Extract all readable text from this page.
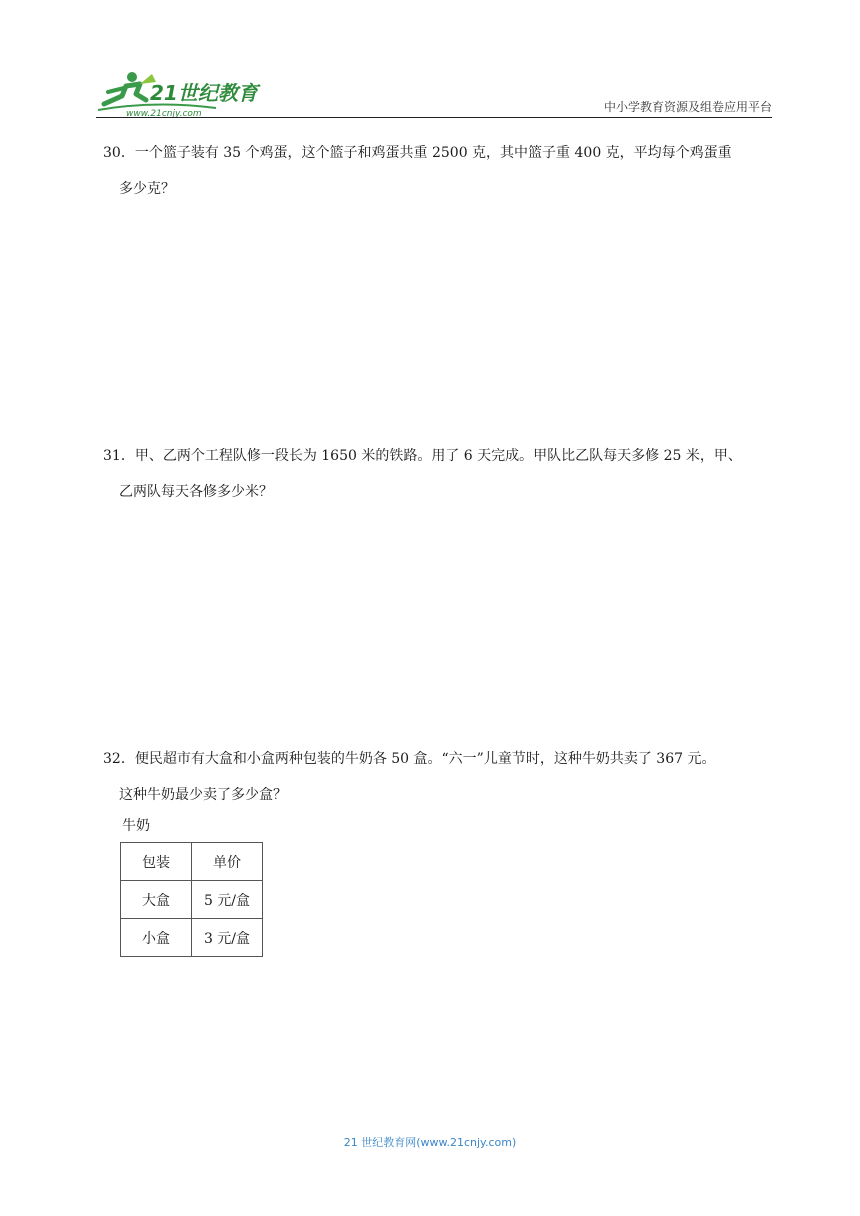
21世纪教育
www.21cnjy.com	中小学教育资源及组卷应用平台
30．一个篮子装有 35 个鸡蛋，这个篮子和鸡蛋共重 2500 克，其中篮子重 400 克，平均每个鸡蛋重
多少克？
31．甲、乙两个工程队修一段长为 1650 米的铁路。用了 6 天完成。甲队比乙队每天多修 25 米，甲、
乙两队每天各修多少米？
32．便民超市有大盒和小盒两种包装的牛奶各 50 盒。“六一”儿童节时，这种牛奶共卖了 367 元。
这种牛奶最少卖了多少盒？
牛奶
包装	单价
大盒	5 元/盒
小盒	3 元/盒
21 世纪教育网(www.21cnjy.com)
